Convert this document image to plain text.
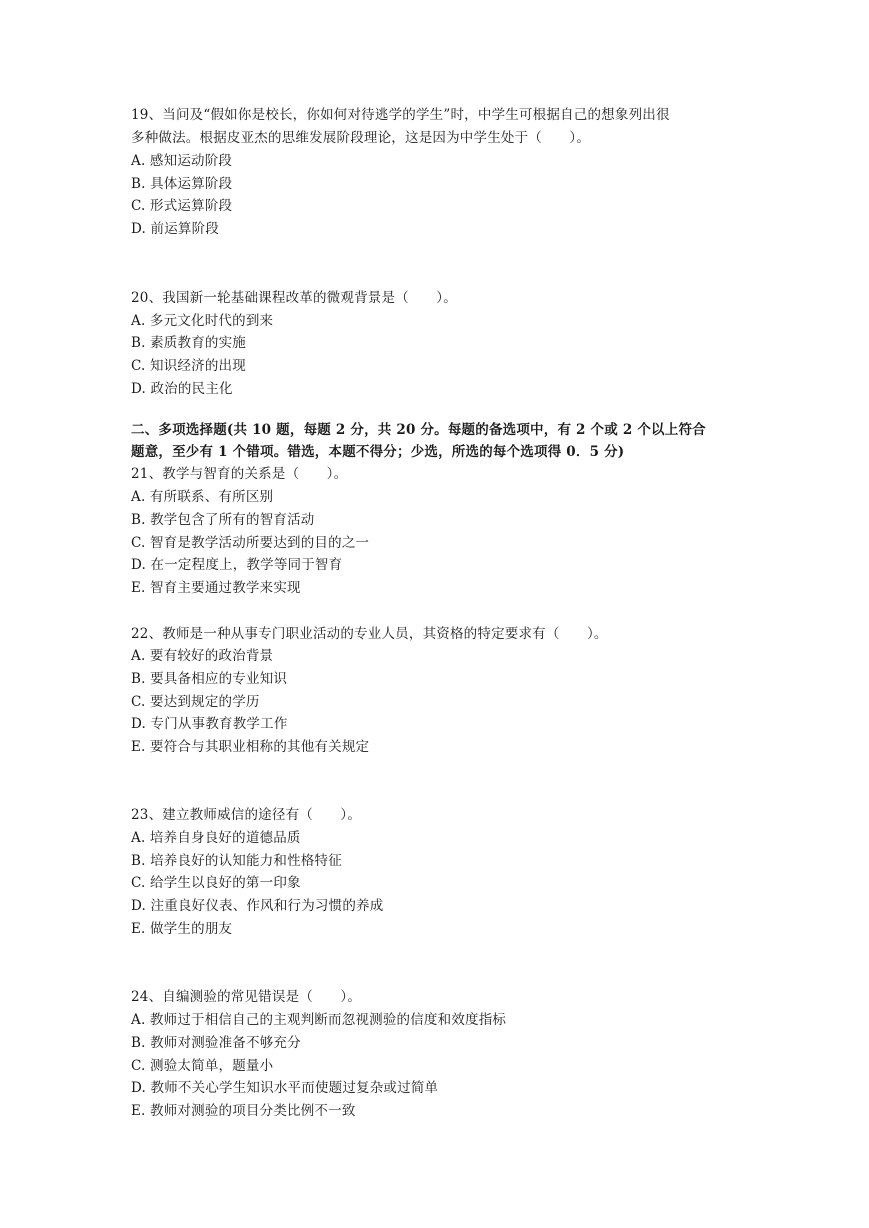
19、当问及“假如你是校长，你如何对待逃学的学生”时，中学生可根据自己的想象列出很
多种做法。根据皮亚杰的思维发展阶段理论，这是因为中学生处于（　　）。
A. 感知运动阶段
B. 具体运算阶段
C. 形式运算阶段
D. 前运算阶段
20、我国新一轮基础课程改革的微观背景是（　　）。
A. 多元文化时代的到来
B. 素质教育的实施
C. 知识经济的出现
D. 政治的民主化
二、多项选择题(共 10 题，每题 2 分，共 20 分。每题的备选项中，有 2 个或 2 个以上符合
题意，至少有 1 个错项。错选，本题不得分；少选，所选的每个选项得 0．5 分)
21、教学与智育的关系是（　　）。
A. 有所联系、有所区别
B. 教学包含了所有的智育活动
C. 智育是教学活动所要达到的目的之一
D. 在一定程度上，教学等同于智育
E. 智育主要通过教学来实现
22、教师是一种从事专门职业活动的专业人员，其资格的特定要求有（　　）。
A. 要有较好的政治背景
B. 要具备相应的专业知识
C. 要达到规定的学历
D. 专门从事教育教学工作
E. 要符合与其职业相称的其他有关规定
23、建立教师威信的途径有（　　）。
A. 培养自身良好的道德品质
B. 培养良好的认知能力和性格特征
C. 给学生以良好的第一印象
D. 注重良好仪表、作风和行为习惯的养成
E. 做学生的朋友
24、自编测验的常见错误是（　　）。
A. 教师过于相信自己的主观判断而忽视测验的信度和效度指标
B. 教师对测验准备不够充分
C. 测验太简单，题量小
D. 教师不关心学生知识水平而使题过复杂或过简单
E. 教师对测验的项目分类比例不一致
